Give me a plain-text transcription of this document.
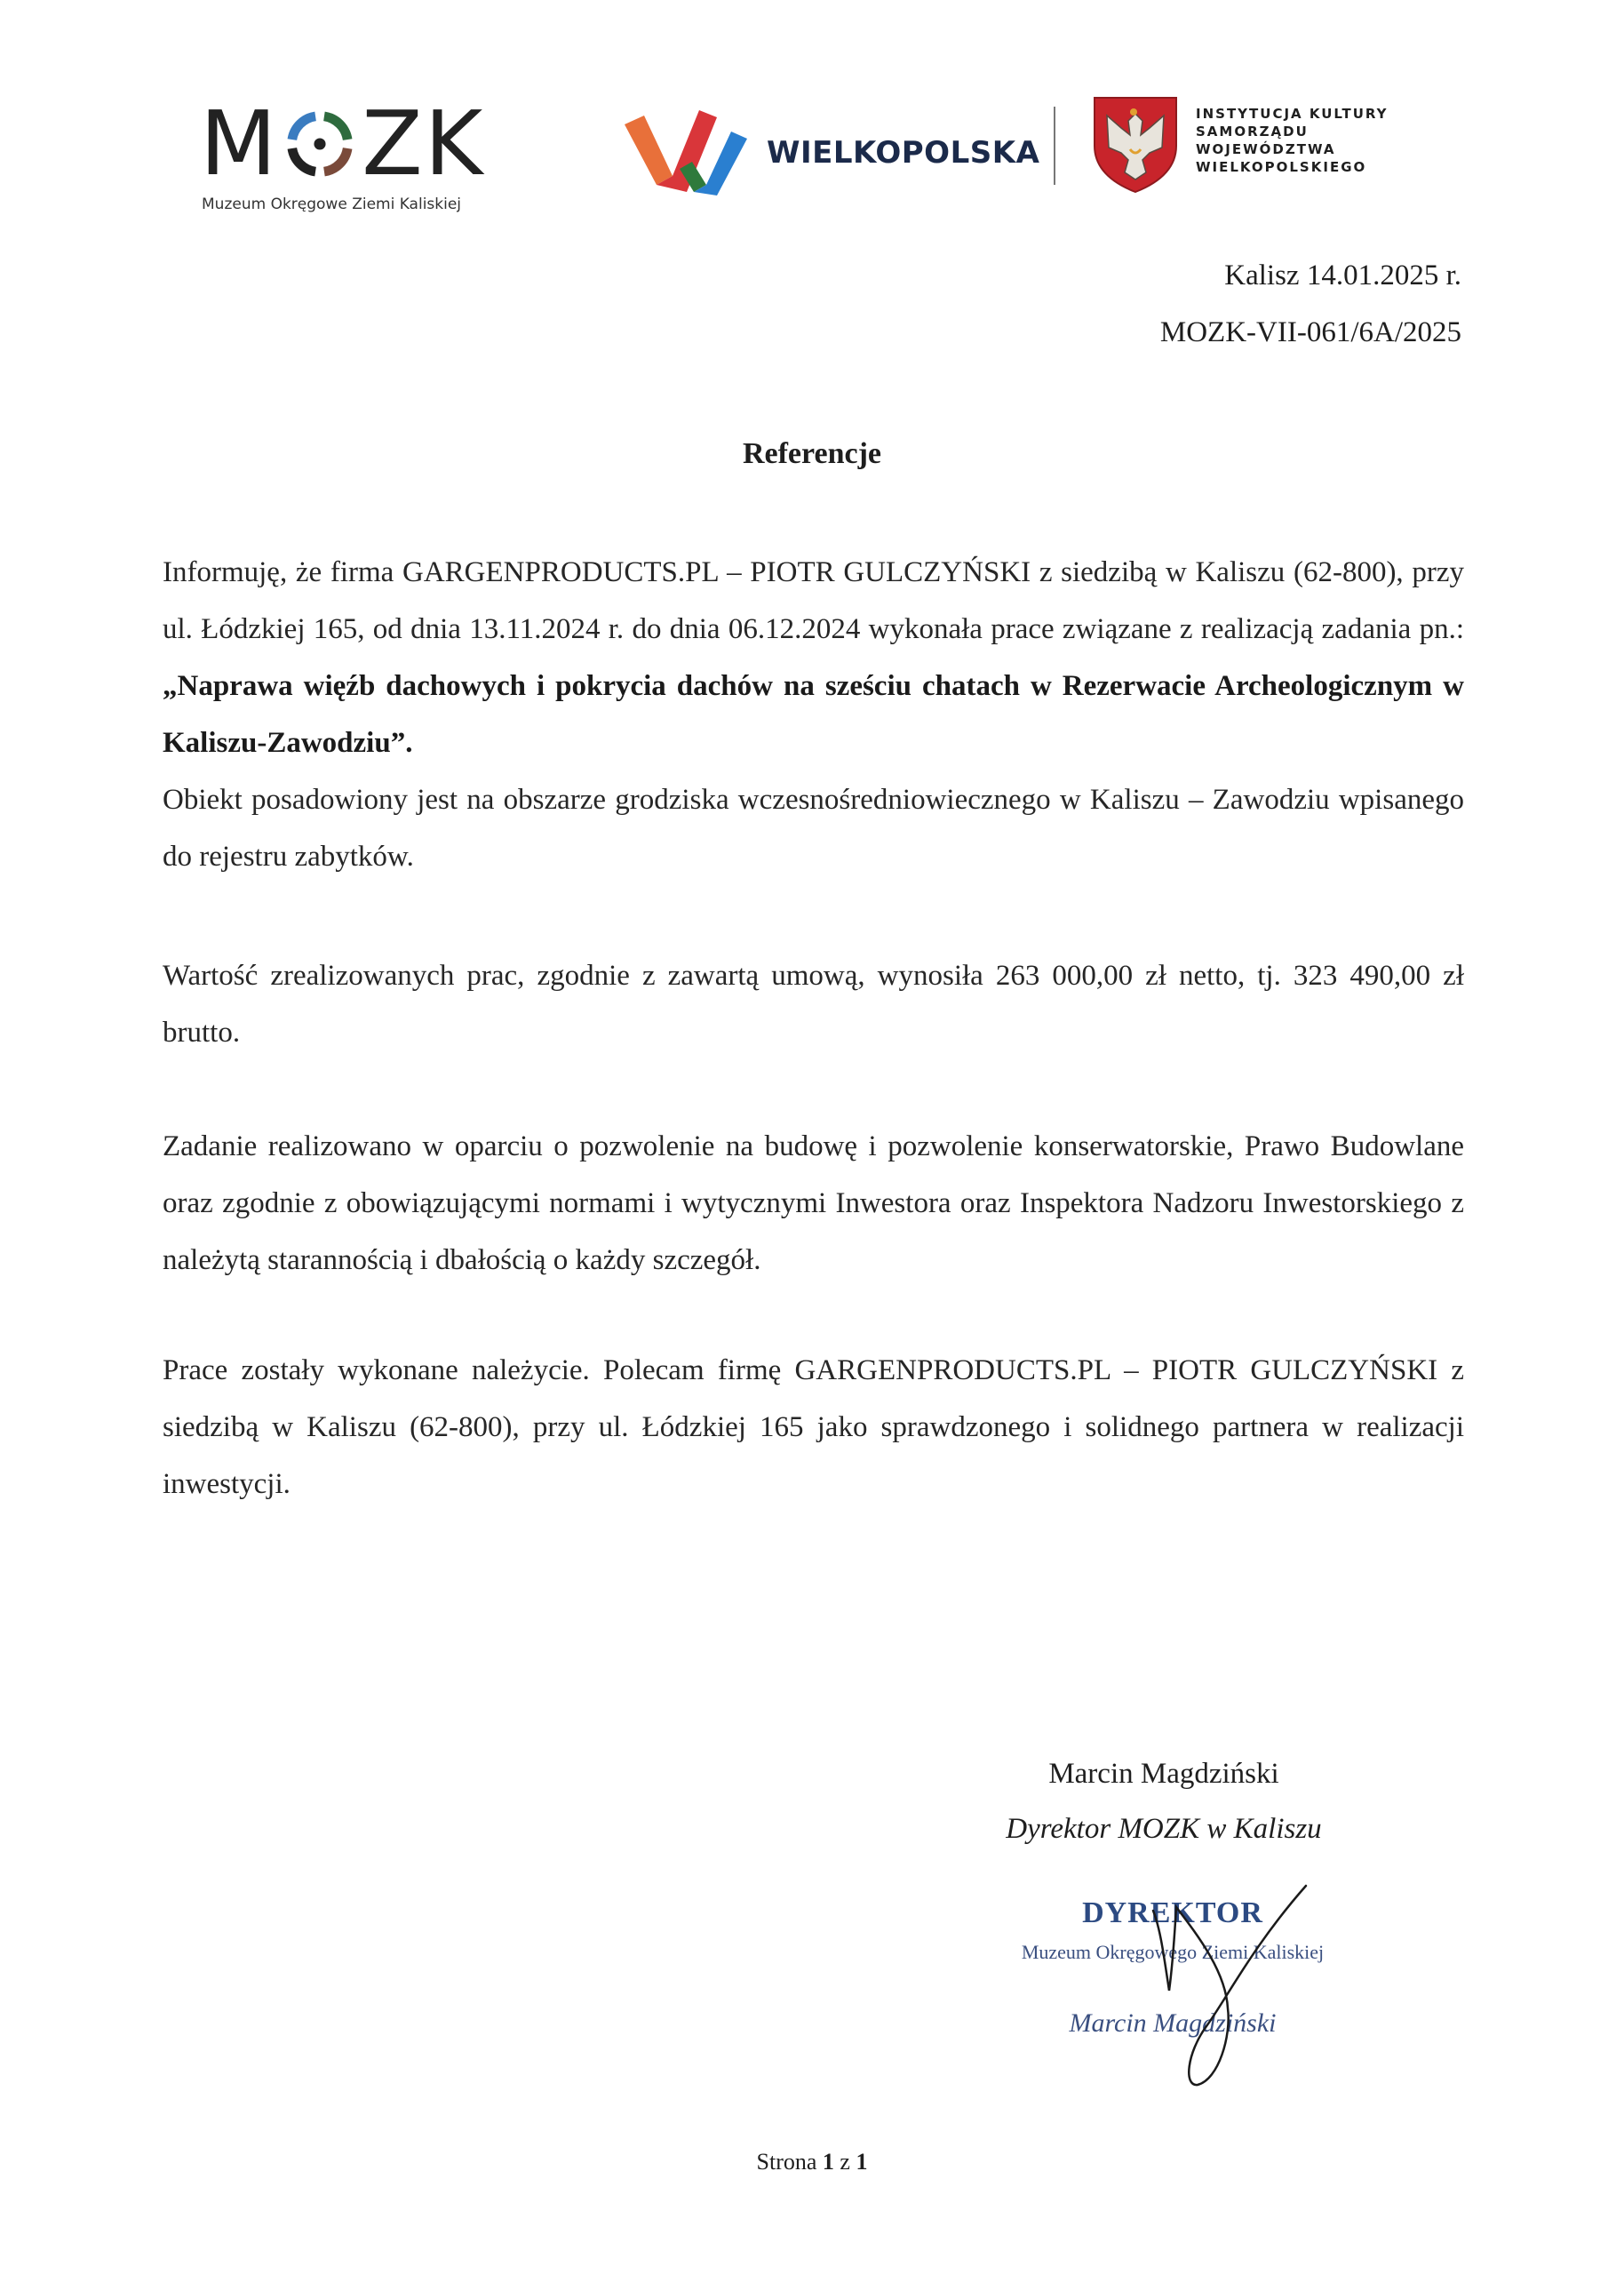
M ZK
Muzeum Okręgowe Ziemi Kaliskiej
WIELKOPOLSKA
INSTYTUCJA KULTURY
SAMORZĄDU
WOJEWÓDZTWA
WIELKOPOLSKIEGO
Kalisz 14.01.2025 r.
MOZK-VII-061/6A/2025
Referencje

Informuję, że firma GARGENPRODUCTS.PL – PIOTR GULCZYŃSKI z siedzibą w Kaliszu (62-800), przy ul. Łódzkiej 165, od dnia 13.11.2024 r. do dnia 06.12.2024 wykonała prace związane z realizacją zadania pn.: „Naprawa więźb dachowych i pokrycia dachów na sześciu chatach w Rezerwacie Archeologicznym w Kaliszu-Zawodziu”.

Obiekt posadowiony jest na obszarze grodziska wczesnośredniowiecznego w Kaliszu – Zawodziu wpisanego do rejestru zabytków.

Wartość zrealizowanych prac, zgodnie z zawartą umową, wynosiła 263 000,00 zł netto, tj. 323 490,00 zł brutto.

Zadanie realizowano w oparciu o pozwolenie na budowę i pozwolenie konserwatorskie, Prawo Budowlane oraz zgodnie z obowiązującymi normami i wytycznymi Inwestora oraz Inspektora Nadzoru Inwestorskiego z należytą starannością i dbałością o każdy szczegół.

Prace zostały wykonane należycie. Polecam firmę GARGENPRODUCTS.PL – PIOTR GULCZYŃSKI z siedzibą w Kaliszu (62-800), przy ul. Łódzkiej 165 jako sprawdzonego i solidnego partnera w realizacji inwestycji.

Marcin Magdziński
Dyrektor MOZK w Kaliszu
DYREKTOR
Muzeum Okręgowego Ziemi Kaliskiej
Marcin Magdziński
Strona 1 z 1
